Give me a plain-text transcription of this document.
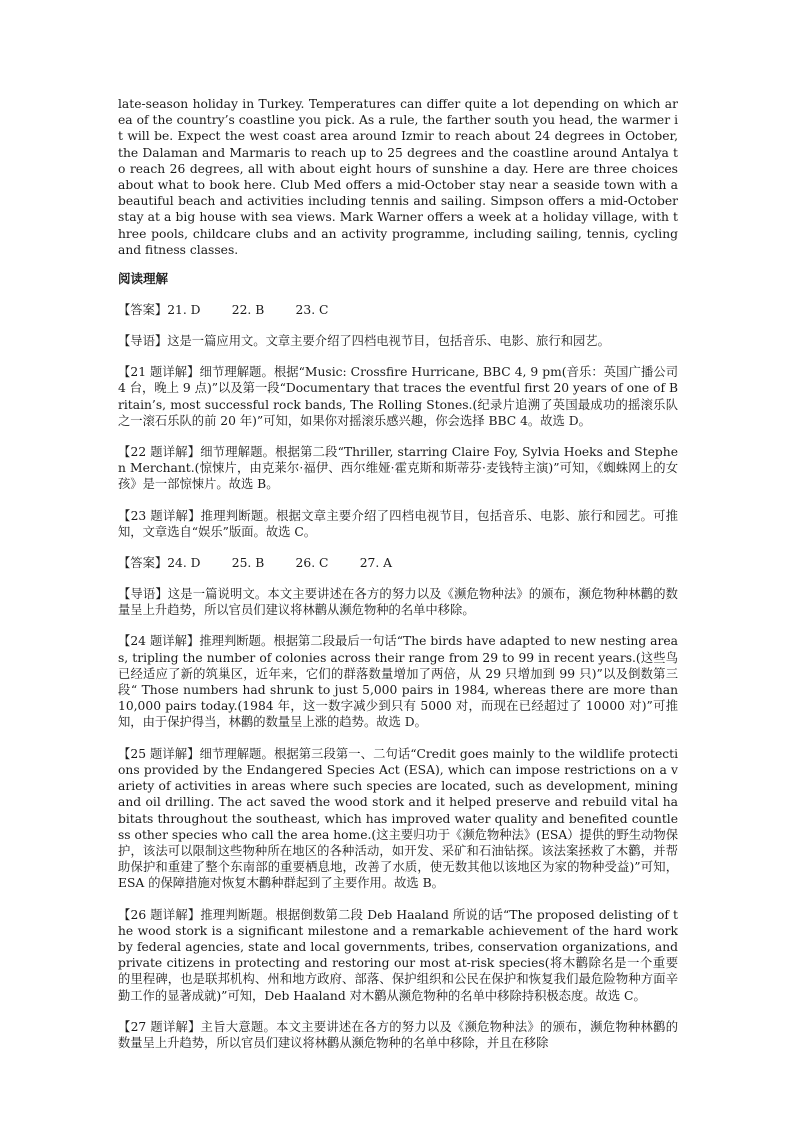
late-season holiday in Turkey. Temperatures can differ quite a lot depending on which area of the country’s coastline you pick. As a rule, the farther south you head, the warmer it will be. Expect the west coast area around Izmir to reach about 24 degrees in October, the Dalaman and Marmaris to reach up to 25 degrees and the coastline around Antalya to reach 26 degrees, all with about eight hours of sunshine a day. Here are three choices about what to book here. Club Med offers a mid-October stay near a seaside town with a beautiful beach and activities including tennis and sailing. Simpson offers a mid-October stay at a big house with sea views. Mark Warner offers a week at a holiday village, with three pools, childcare clubs and an activity programme, including sailing, tennis, cycling and fitness classes.

阅读理解

【答案】21. D        22. B        23. C

【导语】这是一篇应用文。文章主要介绍了四档电视节目，包括音乐、电影、旅行和园艺。

【21 题详解】细节理解题。根据“Music: Crossfire Hurricane, BBC 4, 9 pm(音乐：英国广播公司 4 台，晚上 9 点)”以及第一段“Documentary that traces the eventful first 20 years of one of Britain’s, most successful rock bands, The Rolling Stones.(纪录片追溯了英国最成功的摇滚乐队之一滚石乐队的前 20 年)”可知，如果你对摇滚乐感兴趣，你会选择 BBC 4。故选 D。

【22 题详解】细节理解题。根据第二段“Thriller, starring Claire Foy, Sylvia Hoeks and Stephen Merchant.(惊悚片，由克莱尔·福伊、西尔维娅·霍克斯和斯蒂芬·麦钱特主演)”可知，《蜘蛛网上的女孩》是一部惊悚片。故选 B。

【23 题详解】推理判断题。根据文章主要介绍了四档电视节目，包括音乐、电影、旅行和园艺。可推知，文章选自“娱乐”版面。故选 C。

【答案】24. D        25. B        26. C        27. A

【导语】这是一篇说明文。本文主要讲述在各方的努力以及《濒危物种法》的颁布，濒危物种林鹳的数量呈上升趋势，所以官员们建议将林鹳从濒危物种的名单中移除。

【24 题详解】推理判断题。根据第二段最后一句话“The birds have adapted to new nesting areas, tripling the number of colonies across their range from 29 to 99 in recent years.(这些鸟已经适应了新的筑巢区，近年来，它们的群落数量增加了两倍，从 29 只增加到 99 只)”以及倒数第三段“ Those numbers had shrunk to just 5,000 pairs in 1984, whereas there are more than 10,000 pairs today.(1984 年，这一数字减少到只有 5000 对，而现在已经超过了 10000 对)”可推知，由于保护得当，林鹳的数量呈上涨的趋势。故选 D。

【25 题详解】细节理解题。根据第三段第一、二句话“Credit goes mainly to the wildlife protections provided by the Endangered Species Act (ESA), which can impose restrictions on a variety of activities in areas where such species are located, such as development, mining and oil drilling. The act saved the wood stork and it helped preserve and rebuild vital habitats throughout the southeast, which has improved water quality and benefited countless other species who call the area home.(这主要归功于《濒危物种法》(ESA）提供的野生动物保护，该法可以限制这些物种所在地区的各种活动，如开发、采矿和石油钻探。该法案拯救了木鹳，并帮助保护和重建了整个东南部的重要栖息地，改善了水质，使无数其他以该地区为家的物种受益)”可知，ESA 的保障措施对恢复木鹳种群起到了主要作用。故选 B。

【26 题详解】推理判断题。根据倒数第二段 Deb Haaland 所说的话“The proposed delisting of the wood stork is a significant milestone and a remarkable achievement of the hard work by federal agencies, state and local governments, tribes, conservation organizations, and private citizens in protecting and restoring our most at-risk species(将木鹳除名是一个重要的里程碑，也是联邦机构、州和地方政府、部落、保护组织和公民在保护和恢复我们最危险物种方面辛勤工作的显著成就)”可知，Deb Haaland 对木鹳从濒危物种的名单中移除持积极态度。故选 C。

【27 题详解】主旨大意题。本文主要讲述在各方的努力以及《濒危物种法》的颁布，濒危物种林鹳的数量呈上升趋势，所以官员们建议将林鹳从濒危物种的名单中移除，并且在移除
